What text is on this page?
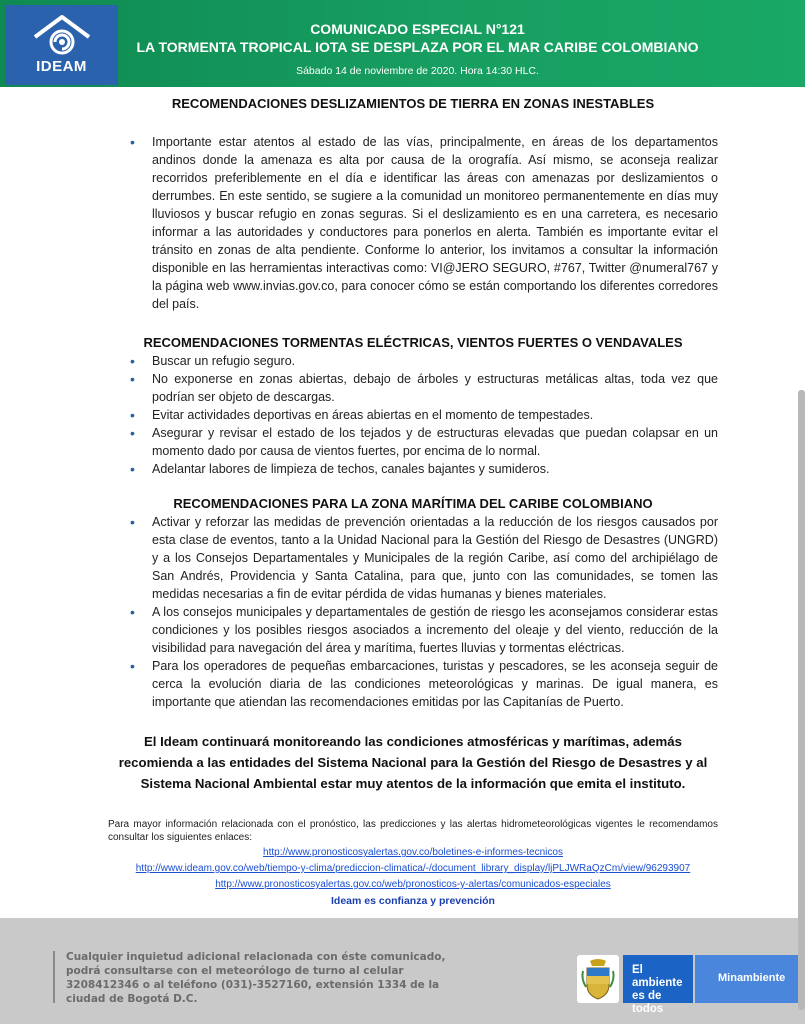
IDEAM
COMUNICADO ESPECIAL N°121
LA TORMENTA TROPICAL IOTA SE DESPLAZA POR EL MAR CARIBE COLOMBIANO
Sábado 14 de noviembre de 2020. Hora 14:30 HLC.
RECOMENDACIONES DESLIZAMIENTOS DE TIERRA EN ZONAS INESTABLES
• Importante estar atentos al estado de las vías, principalmente, en áreas de los departamentos andinos donde la amenaza es alta por causa de la orografía. Así mismo, se aconseja realizar recorridos preferiblemente en el día e identificar las áreas con amenazas por deslizamientos o derrumbes. En este sentido, se sugiere a la comunidad un monitoreo permanentemente en días muy lluviosos y buscar refugio en zonas seguras. Si el deslizamiento es en una carretera, es necesario informar a las autoridades y conductores para ponerlos en alerta. También es importante evitar el tránsito en zonas de alta pendiente. Conforme lo anterior, los invitamos a consultar la información disponible en las herramientas interactivas como: VI@JERO SEGURO, #767, Twitter @numeral767 y la página web www.invias.gov.co, para conocer cómo se están comportando los diferentes corredores del país.
RECOMENDACIONES TORMENTAS ELÉCTRICAS, VIENTOS FUERTES O VENDAVALES
• Buscar un refugio seguro.
• No exponerse en zonas abiertas, debajo de árboles y estructuras metálicas altas, toda vez que podrían ser objeto de descargas.
• Evitar actividades deportivas en áreas abiertas en el momento de tempestades.
• Asegurar y revisar el estado de los tejados y de estructuras elevadas que puedan colapsar en un momento dado por causa de vientos fuertes, por encima de lo normal.
• Adelantar labores de limpieza de techos, canales bajantes y sumideros.
RECOMENDACIONES PARA LA ZONA MARÍTIMA DEL CARIBE COLOMBIANO
• Activar y reforzar las medidas de prevención orientadas a la reducción de los riesgos causados por esta clase de eventos, tanto a la Unidad Nacional para la Gestión del Riesgo de Desastres (UNGRD) y a los Consejos Departamentales y Municipales de la región Caribe, así como del archipiélago de San Andrés, Providencia y Santa Catalina, para que, junto con las comunidades, se tomen las medidas necesarias a fin de evitar pérdida de vidas humanas y bienes materiales.
• A los consejos municipales y departamentales de gestión de riesgo les aconsejamos considerar estas condiciones y los posibles riesgos asociados a incremento del oleaje y del viento, reducción de la visibilidad para navegación del área y marítima, fuertes lluvias y tormentas eléctricas.
• Para los operadores de pequeñas embarcaciones, turistas y pescadores, se les aconseja seguir de cerca la evolución diaria de las condiciones meteorológicas y marinas. De igual manera, es importante que atiendan las recomendaciones emitidas por las Capitanías de Puerto.
El Ideam continuará monitoreando las condiciones atmosféricas y marítimas, además recomienda a las entidades del Sistema Nacional para la Gestión del Riesgo de Desastres y al Sistema Nacional Ambiental estar muy atentos de la información que emita el instituto.
Para mayor información relacionada con el pronóstico, las predicciones y las alertas hidrometeorológicas vigentes le recomendamos consultar los siguientes enlaces:
http://www.pronosticosyalertas.gov.co/boletines-e-informes-tecnicos
http://www.ideam.gov.co/web/tiempo-y-clima/prediccion-climatica/-/document_library_display/ljPLJWRaQzCm/view/96293907
http://www.pronosticosyalertas.gov.co/web/pronosticos-y-alertas/comunicados-especiales
Ideam es confianza y prevención
Cualquier inquietud adicional relacionada con éste comunicado, podrá consultarse con el meteorólogo de turno al celular 3208412346 o al teléfono (031)-3527160, extensión 1334 de la ciudad de Bogotá D.C.
El ambiente es de todos
Minambiente
